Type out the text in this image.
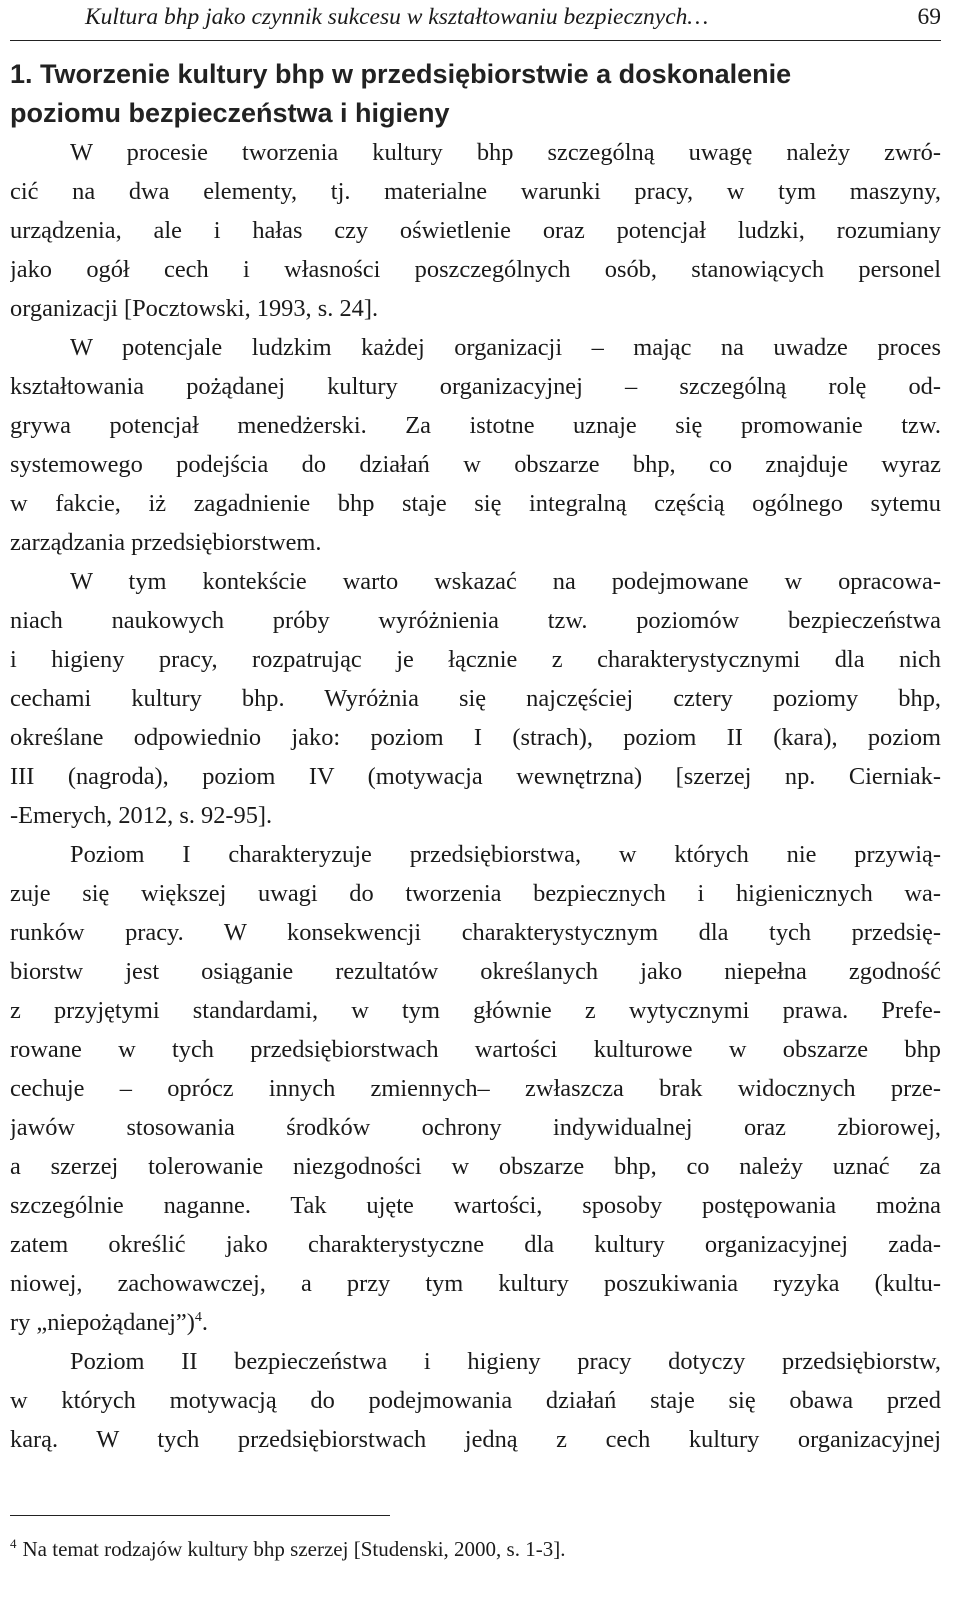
Kultura bhp jako czynnik sukcesu w kształtowaniu bezpiecznych…	69
1. Tworzenie kultury bhp w przedsiębiorstwie a doskonalenie
poziomu bezpieczeństwa i higieny
W procesie tworzenia kultury bhp szczególną uwagę należy zwró-
cić na dwa elementy, tj. materialne warunki pracy, w tym maszyny,
urządzenia, ale i hałas czy oświetlenie oraz potencjał ludzki, rozumiany
jako ogół cech i własności poszczególnych osób, stanowiących personel
organizacji [Pocztowski, 1993, s. 24].
W potencjale ludzkim każdej organizacji – mając na uwadze proces
kształtowania pożądanej kultury organizacyjnej – szczególną rolę od-
grywa potencjał menedżerski. Za istotne uznaje się promowanie tzw.
systemowego podejścia do działań w obszarze bhp, co znajduje wyraz
w fakcie, iż zagadnienie bhp staje się integralną częścią ogólnego sytemu
zarządzania przedsiębiorstwem.
W tym kontekście warto wskazać na podejmowane w opracowa-
niach naukowych próby wyróżnienia tzw. poziomów bezpieczeństwa
i higieny pracy, rozpatrując je łącznie z charakterystycznymi dla nich
cechami kultury bhp. Wyróżnia się najczęściej cztery poziomy bhp,
określane odpowiednio jako: poziom I (strach), poziom II (kara), poziom
III (nagroda), poziom IV (motywacja wewnętrzna) [szerzej np. Cierniak-
-Emerych, 2012, s. 92-95].
Poziom I charakteryzuje przedsiębiorstwa, w których nie przywią-
zuje się większej uwagi do tworzenia bezpiecznych i higienicznych wa-
runków pracy. W konsekwencji charakterystycznym dla tych przedsię-
biorstw jest osiąganie rezultatów określanych jako niepełna zgodność
z przyjętymi standardami, w tym głównie z wytycznymi prawa. Prefe-
rowane w tych przedsiębiorstwach wartości kulturowe w obszarze bhp
cechuje – oprócz innych zmiennych– zwłaszcza brak widocznych prze-
jawów stosowania środków ochrony indywidualnej oraz zbiorowej,
a szerzej tolerowanie niezgodności w obszarze bhp, co należy uznać za
szczególnie naganne. Tak ujęte wartości, sposoby postępowania można
zatem określić jako charakterystyczne dla kultury organizacyjnej zada-
niowej, zachowawczej, a przy tym kultury poszukiwania ryzyka (kultu-
ry „niepożądanej”)$^4$.
Poziom II bezpieczeństwa i higieny pracy dotyczy przedsiębiorstw,
w których motywacją do podejmowania działań staje się obawa przed
karą. W tych przedsiębiorstwach jedną z cech kultury organizacyjnej
$^4$ Na temat rodzajów kultury bhp szerzej [Studenski, 2000, s. 1-3].
